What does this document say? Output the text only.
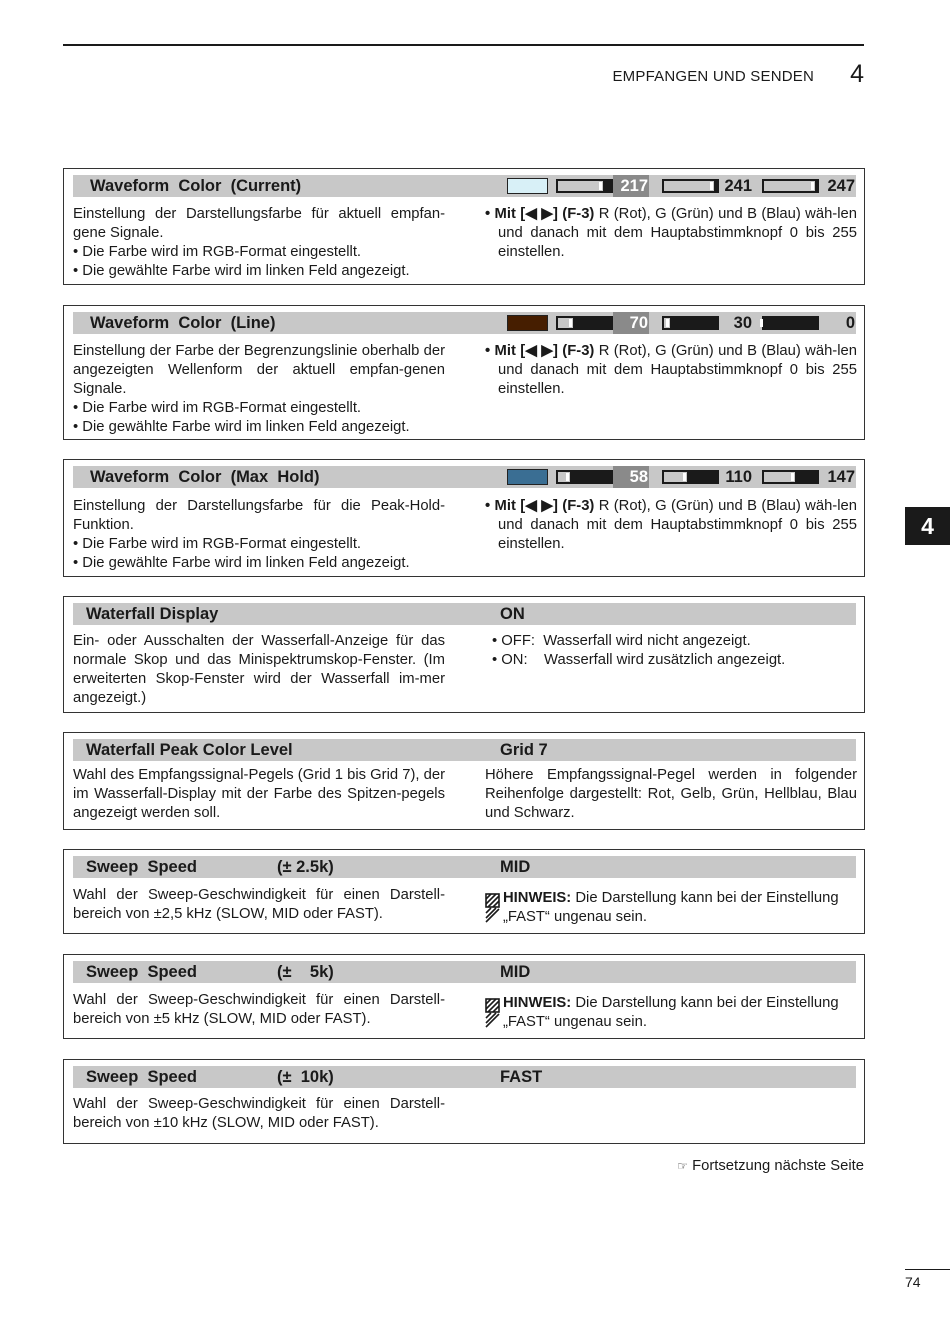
EMPFANGEN UND SENDEN 4
4
Waveform  Color  (Current)	217	241	247
Einstellung der Darstellungsfarbe für aktuell empfan-gene Signale.
• Die Farbe wird im RGB-Format eingestellt.
• Die gewählte Farbe wird im linken Feld angezeigt.
• Mit [◀ ▶] (F-3) R (Rot), G (Grün) und B (Blau) wäh-len und danach mit dem Hauptabstimmknopf 0 bis 255 einstellen.
Waveform  Color  (Line)	70	30	0
Einstellung der Farbe der Begrenzungslinie oberhalb der angezeigten Wellenform der aktuell empfan-genen Signale.
• Die Farbe wird im RGB-Format eingestellt.
• Die gewählte Farbe wird im linken Feld angezeigt.
• Mit [◀ ▶] (F-3) R (Rot), G (Grün) und B (Blau) wäh-len und danach mit dem Hauptabstimmknopf 0 bis 255 einstellen.
Waveform  Color  (Max  Hold)	58	110	147
Einstellung der Darstellungsfarbe für die Peak-Hold-Funktion.
• Die Farbe wird im RGB-Format eingestellt.
• Die gewählte Farbe wird im linken Feld angezeigt.
• Mit [◀ ▶] (F-3) R (Rot), G (Grün) und B (Blau) wäh-len und danach mit dem Hauptabstimmknopf 0 bis 255 einstellen.
Waterfall Display	ON
Ein- oder Ausschalten der Wasserfall-Anzeige für das normale Skop und das Minispektrumskop-Fenster. (Im erweiterten Skop-Fenster wird der Wasserfall im-mer angezeigt.)
• OFF:  Wasserfall wird nicht angezeigt.
• ON:    Wasserfall wird zusätzlich angezeigt.
Waterfall Peak Color Level	Grid 7
Wahl des Empfangssignal-Pegels (Grid 1 bis Grid 7), der im Wasserfall-Display mit der Farbe des Spitzen-pegels angezeigt werden soll.
Höhere Empfangssignal-Pegel werden in folgender Reihenfolge dargestellt: Rot, Gelb, Grün, Hellblau, Blau und Schwarz.
Sweep  Speed	(± 2.5k)	MID
Wahl der Sweep-Geschwindigkeit für einen Darstell-bereich von ±2,5 kHz (SLOW, MID oder FAST).
HINWEIS: Die Darstellung kann bei der Einstellung „FAST“ ungenau sein.
Sweep  Speed	(±    5k)	MID
Wahl der Sweep-Geschwindigkeit für einen Darstell-bereich von ±5 kHz (SLOW, MID oder FAST).
HINWEIS: Die Darstellung kann bei der Einstellung „FAST“ ungenau sein.
Sweep  Speed	(±  10k)	FAST
Wahl der Sweep-Geschwindigkeit für einen Darstell-bereich von ±10 kHz (SLOW, MID oder FAST).
☞ Fortsetzung nächste Seite
74
